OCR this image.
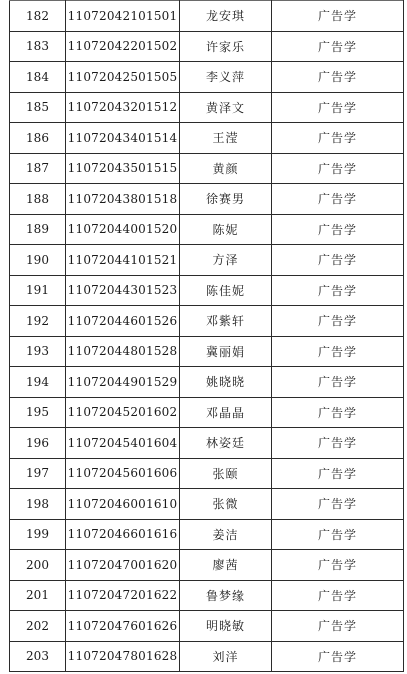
182	11072042101501	龙安琪	广告学
183	11072042201502	许家乐	广告学
184	11072042501505	李义萍	广告学
185	11072043201512	黄泽文	广告学
186	11072043401514	王滢	广告学
187	11072043501515	黄颜	广告学
188	11072043801518	徐赛男	广告学
189	11072044001520	陈妮	广告学
190	11072044101521	方泽	广告学
191	11072044301523	陈佳妮	广告学
192	11072044601526	邓紫轩	广告学
193	11072044801528	冀丽娟	广告学
194	11072044901529	姚晓晓	广告学
195	11072045201602	邓晶晶	广告学
196	11072045401604	林姿廷	广告学
197	11072045601606	张颐	广告学
198	11072046001610	张微	广告学
199	11072046601616	姜洁	广告学
200	11072047001620	廖茜	广告学
201	11072047201622	鲁梦缘	广告学
202	11072047601626	明晓敏	广告学
203	11072047801628	刘洋	广告学
